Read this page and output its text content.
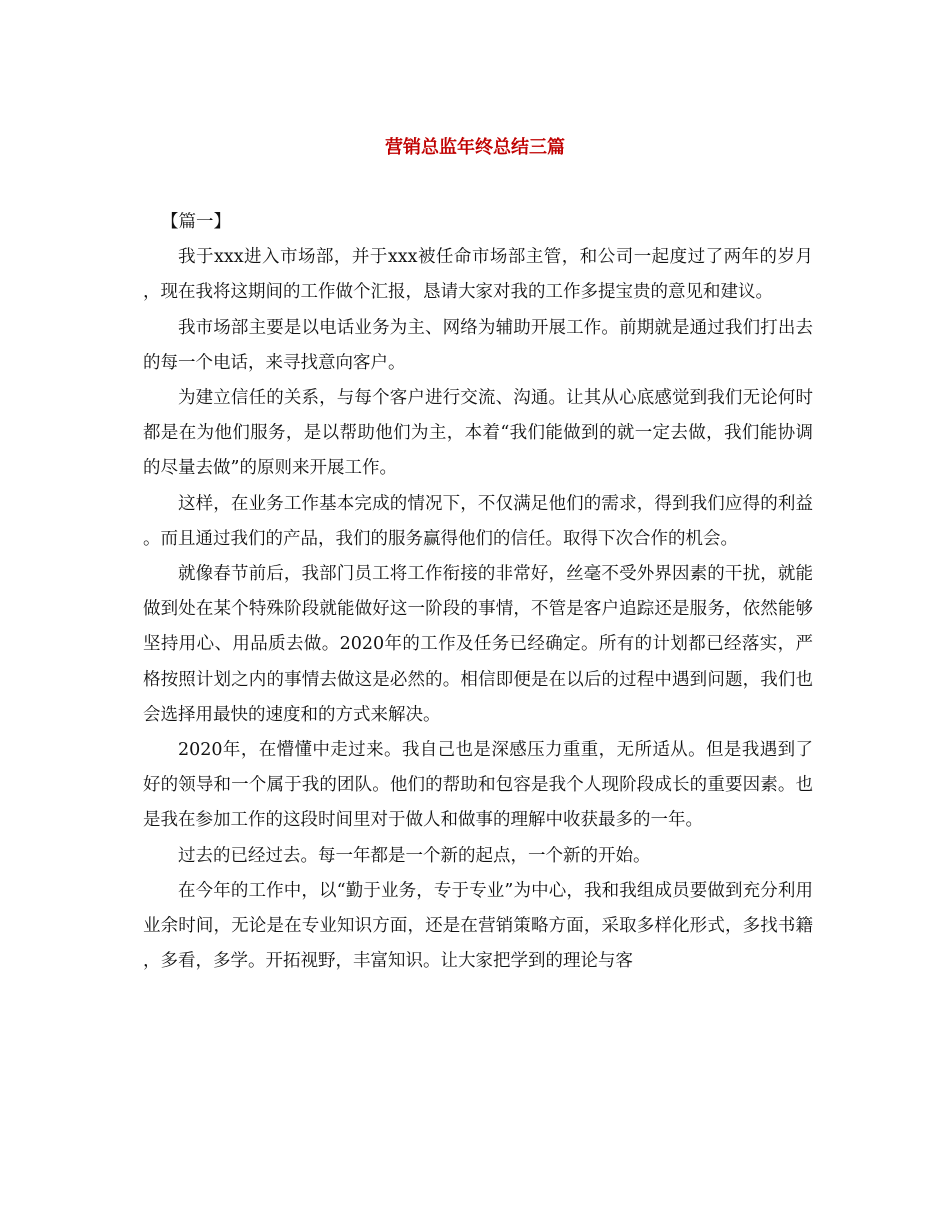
营销总监年终总结三篇

【篇一】

我于xxx进入市场部，并于xxx被任命市场部主管，和公司一起度过了两年的岁月，现在我将这期间的工作做个汇报，恳请大家对我的工作多提宝贵的意见和建议。

我市场部主要是以电话业务为主、网络为辅助开展工作。前期就是通过我们打出去的每一个电话，来寻找意向客户。

为建立信任的关系，与每个客户进行交流、沟通。让其从心底感觉到我们无论何时都是在为他们服务，是以帮助他们为主，本着“我们能做到的就一定去做，我们能协调的尽量去做”的原则来开展工作。

这样，在业务工作基本完成的情况下，不仅满足他们的需求，得到我们应得的利益。而且通过我们的产品，我们的服务赢得他们的信任。取得下次合作的机会。

就像春节前后，我部门员工将工作衔接的非常好，丝毫不受外界因素的干扰，就能做到处在某个特殊阶段就能做好这一阶段的事情，不管是客户追踪还是服务，依然能够坚持用心、用品质去做。2020年的工作及任务已经确定。所有的计划都已经落实，严格按照计划之内的事情去做这是必然的。相信即便是在以后的过程中遇到问题，我们也会选择用最快的速度和的方式来解决。

2020年，在懵懂中走过来。我自己也是深感压力重重，无所适从。但是我遇到了好的领导和一个属于我的团队。他们的帮助和包容是我个人现阶段成长的重要因素。也是我在参加工作的这段时间里对于做人和做事的理解中收获最多的一年。

过去的已经过去。每一年都是一个新的起点，一个新的开始。

在今年的工作中，以“勤于业务，专于专业”为中心，我和我组成员要做到充分利用业余时间，无论是在专业知识方面，还是在营销策略方面，采取多样化形式，多找书籍，多看，多学。开拓视野，丰富知识。让大家把学到的理论与客
